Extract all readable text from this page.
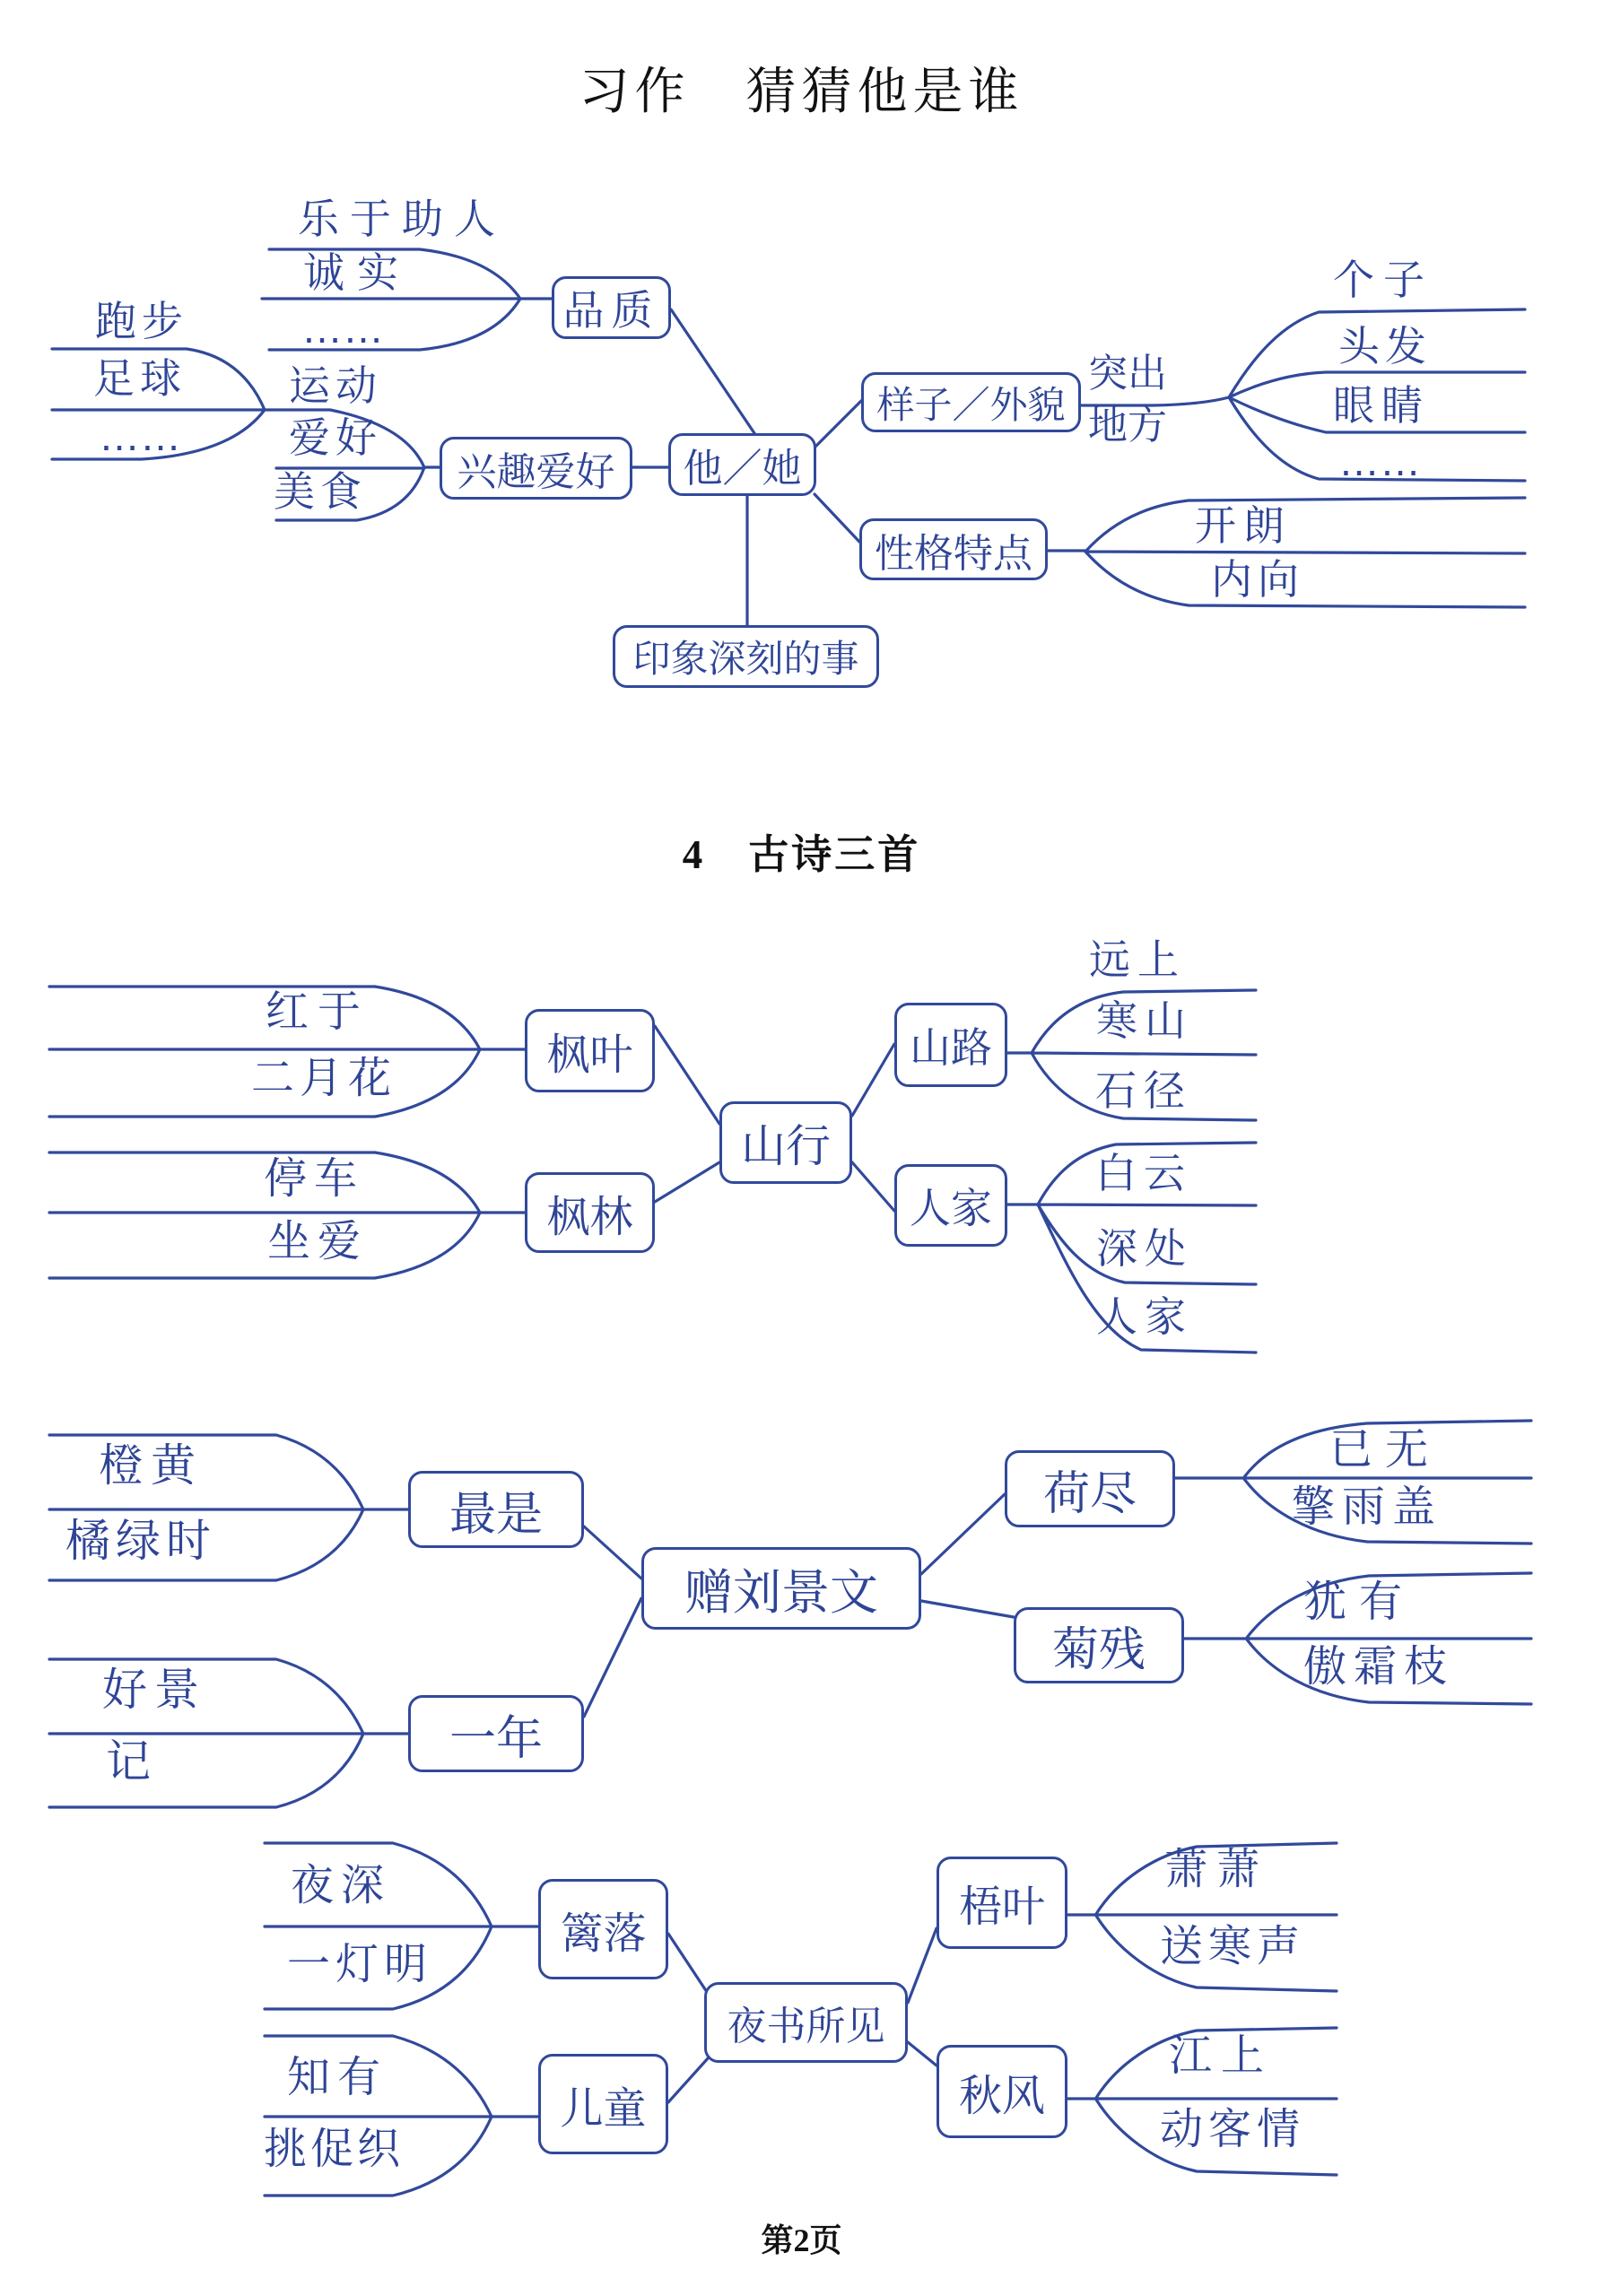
习作　猜猜他是谁
4　古诗三首
第2页
品质
兴趣爱好	他／她
样子／外貌
性格特点
印象深刻的事
乐于助人
诚实
……
跑步
足球
……
运动
爱好
美食
突出
地方
个子
头发
眼睛
……
开朗
内向
枫叶
枫林
山行
山路
人家
红于
二月花
停车
坐爱
远上
寒山
石径
白云
深处
人家
最是
一年
赠刘景文
荷尽
菊残
橙黄
橘绿时
好景
记
已无
擎雨盖
犹有
傲霜枝
篱落
儿童
夜书所见
梧叶
秋风
夜深
一灯明
知有
挑促织
萧萧
送寒声
江上
动客情
